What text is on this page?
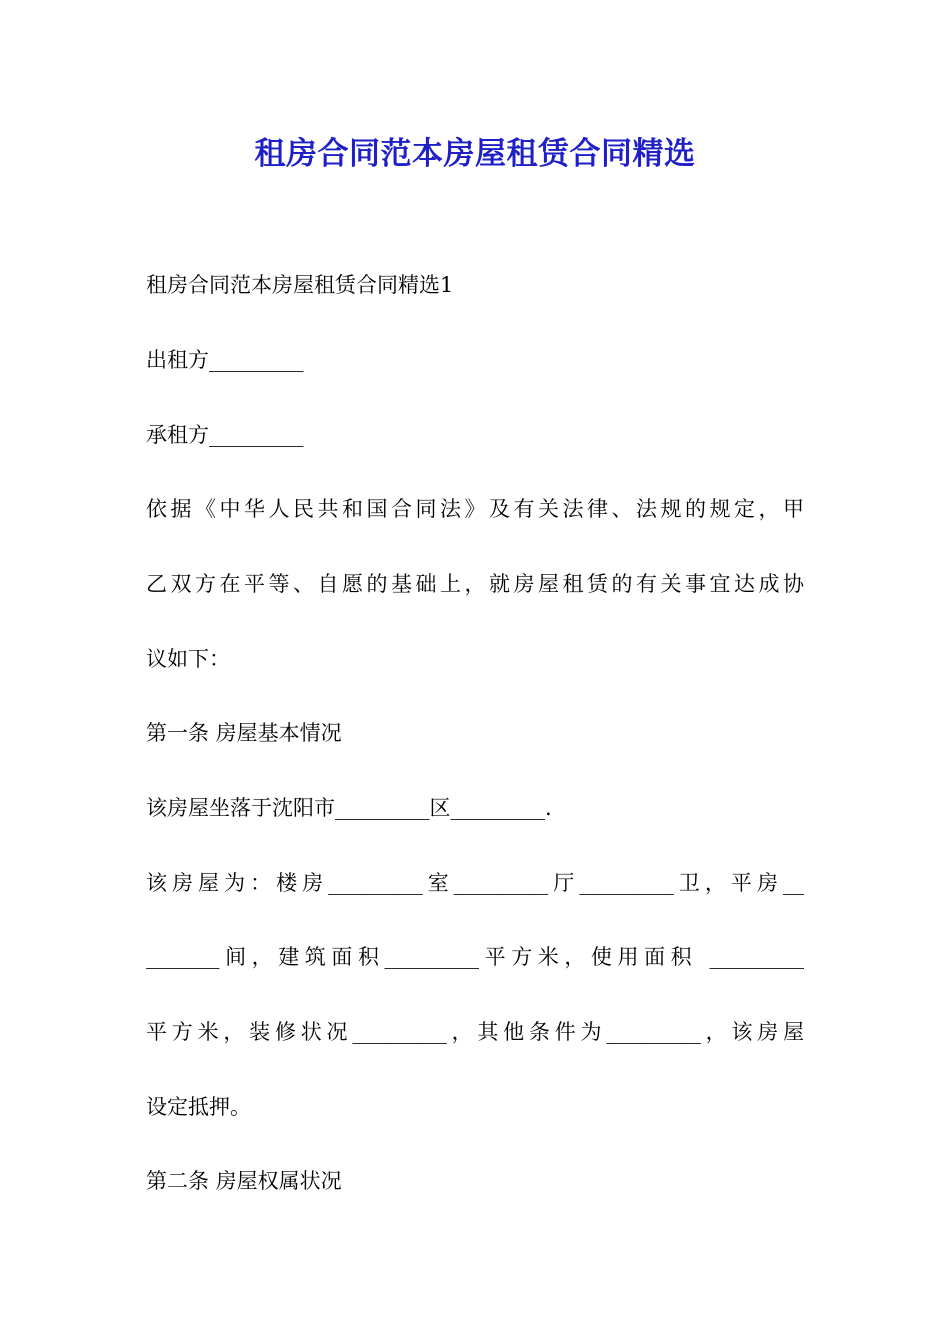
租房合同范本房屋租赁合同精选

租房合同范本房屋租赁合同精选1

出租方_________

承租方_________

依据《中华人民共和国合同法》及有关法律、法规的规定，甲

乙双方在平等、自愿的基础上，就房屋租赁的有关事宜达成协

议如下：

第一条 房屋基本情况

该房屋坐落于沈阳市_________区_________.

该房屋为：楼房_________室_________厅_________卫，平房__

_______间，建筑面积_________平方米，使用面积 _________

平方米，装修状况_________，其他条件为_________，该房屋

设定抵押。

第二条 房屋权属状况
